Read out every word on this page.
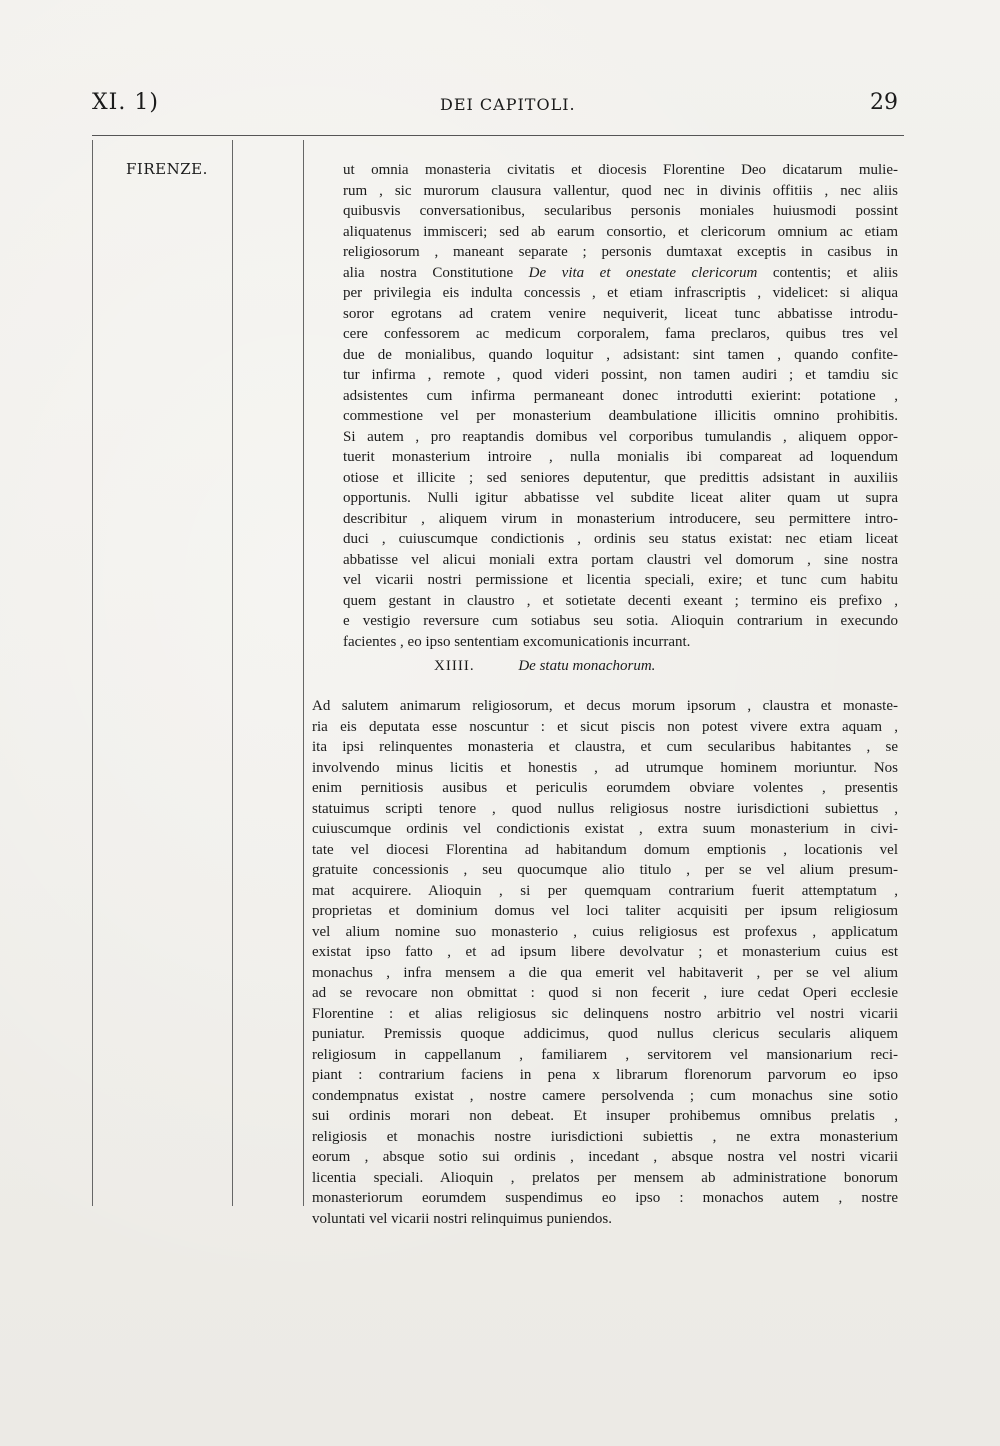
XI. 1)	DEI CAPITOLI.	29
FIRENZE.	ut omnia monasteria civitatis et diocesis Florentine Deo dicatarum mulie-
rum , sic murorum clausura vallentur, quod nec in divinis offitiis , nec aliis
quibusvis conversationibus, secularibus personis moniales huiusmodi possint
aliquatenus immisceri; sed ab earum consortio, et clericorum omnium ac etiam
religiosorum , maneant separate ; personis dumtaxat exceptis in casibus in
alia nostra Constitutione De vita et onestate clericorum contentis; et aliis
per privilegia eis indulta concessis , et etiam infrascriptis , videlicet: si aliqua
soror egrotans ad cratem venire nequiverit, liceat tunc abbatisse introdu-
cere confessorem ac medicum corporalem, fama preclaros, quibus tres vel
due de monialibus, quando loquitur , adsistant: sint tamen , quando confite-
tur infirma , remote , quod videri possint, non tamen audiri ; et tamdiu sic
adsistentes cum infirma permaneant donec introdutti exierint: potatione ,
commestione vel per monasterium deambulatione illicitis omnino prohibitis.
Si autem , pro reaptandis domibus vel corporibus tumulandis , aliquem oppor-
tuerit monasterium introire , nulla monialis ibi compareat ad loquendum
otiose et illicite ; sed seniores deputentur, que predittis adsistant in auxiliis
opportunis. Nulli igitur abbatisse vel subdite liceat aliter quam ut supra
describitur , aliquem virum in monasterium introducere, seu permittere intro-
duci , cuiuscumque condictionis , ordinis seu status existat: nec etiam liceat
abbatisse vel alicui moniali extra portam claustri vel domorum , sine nostra
vel vicarii nostri permissione et licentia speciali, exire; et tunc cum habitu
quem gestant in claustro , et sotietate decenti exeant ; termino eis prefixo ,
e vestigio reversure cum sotiabus seu sotia. Alioquin contrarium in execundo
facientes , eo ipso sententiam excomunicationis incurrant.
XIIII.	De statu monachorum.
Ad salutem animarum religiosorum, et decus morum ipsorum , claustra et monaste-
ria eis deputata esse noscuntur : et sicut piscis non potest vivere extra aquam ,
ita ipsi relinquentes monasteria et claustra, et cum secularibus habitantes , se
involvendo minus licitis et honestis , ad utrumque hominem moriuntur. Nos
enim pernitiosis ausibus et periculis eorumdem obviare volentes , presentis
statuimus scripti tenore , quod nullus religiosus nostre iurisdictioni subiettus ,
cuiuscumque ordinis vel condictionis existat , extra suum monasterium in civi-
tate vel diocesi Florentina ad habitandum domum emptionis , locationis vel
gratuite concessionis , seu quocumque alio titulo , per se vel alium presum-
mat acquirere. Alioquin , si per quemquam contrarium fuerit attemptatum ,
proprietas et dominium domus vel loci taliter acquisiti per ipsum religiosum
vel alium nomine suo monasterio , cuius religiosus est profexus , applicatum
existat ipso fatto , et ad ipsum libere devolvatur ; et monasterium cuius est
monachus , infra mensem a die qua emerit vel habitaverit , per se vel alium
ad se revocare non obmittat : quod si non fecerit , iure cedat Operi ecclesie
Florentine : et alias religiosus sic delinquens nostro arbitrio vel nostri vicarii
puniatur. Premissis quoque addicimus, quod nullus clericus secularis aliquem
religiosum in cappellanum , familiarem , servitorem vel mansionarium reci-
piant : contrarium faciens in pena x librarum florenorum parvorum eo ipso
condempnatus existat , nostre camere persolvenda ; cum monachus sine sotio
sui ordinis morari non debeat. Et insuper prohibemus omnibus prelatis ,
religiosis et monachis nostre iurisdictioni subiettis , ne extra monasterium
eorum , absque sotio sui ordinis , incedant , absque nostra vel nostri vicarii
licentia speciali. Alioquin , prelatos per mensem ab administratione bonorum
monasteriorum eorumdem suspendimus eo ipso : monachos autem , nostre
voluntati vel vicarii nostri relinquimus puniendos.
